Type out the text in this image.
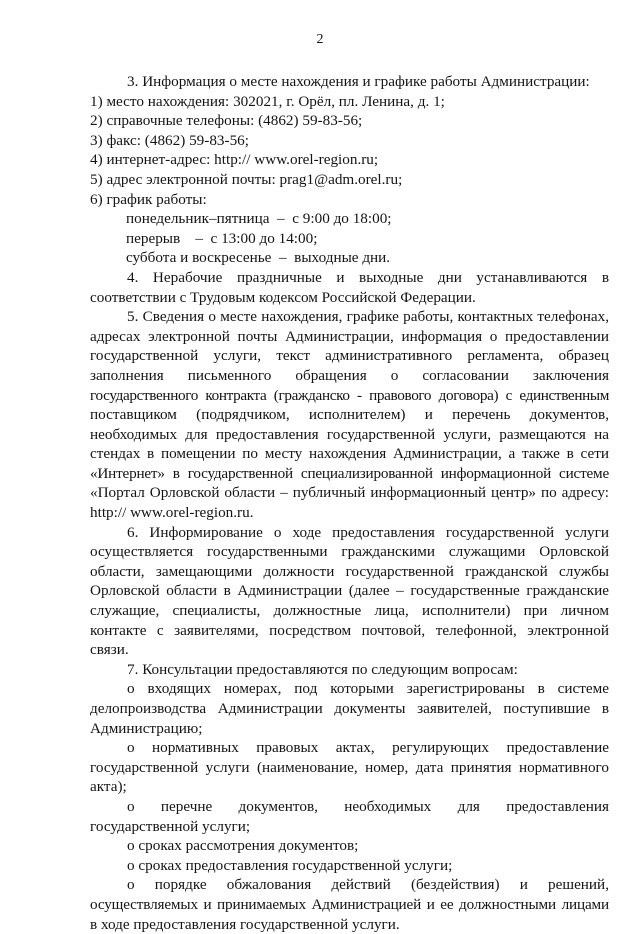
2
3. Информация о месте нахождения и графике работы Администрации:
1) место нахождения: 302021, г. Орёл, пл. Ленина, д. 1;
2) справочные телефоны: (4862) 59-83-56;
3) факс: (4862) 59-83-56;
4) интернет-адрес: http:// www.orel-region.ru;
5) адрес электронной почты: prag1@adm.orel.ru;
6) график работы:
понедельник–пятница  –  с 9:00 до 18:00;
перерыв    –  с 13:00 до 14:00;
суббота и воскресенье  –  выходные дни.
4. Нерабочие праздничные и выходные дни устанавливаются в
соответствии с Трудовым кодексом Российской Федерации.
5. Сведения о месте нахождения, графике работы, контактных телефонах,
адресах электронной почты Администрации, информация о предоставлении
государственной услуги, текст административного регламента, образец
заполнения письменного обращения о согласовании заключения
государственного контракта (гражданско - правового договора) с единственным
поставщиком (подрядчиком, исполнителем) и перечень документов,
необходимых для предоставления государственной услуги, размещаются на
стендах в помещении по месту нахождения Администрации, а также в сети
«Интернет» в государственной специализированной информационной системе
«Портал Орловской области – публичный информационный центр» по адресу:
http:// www.orel-region.ru.
6. Информирование о ходе предоставления государственной услуги
осуществляется государственными гражданскими служащими Орловской
области, замещающими должности государственной гражданской службы
Орловской области в Администрации (далее – государственные гражданские
служащие, специалисты, должностные лица, исполнители) при личном
контакте с заявителями, посредством почтовой, телефонной, электронной
связи.
7. Консультации предоставляются по следующим вопросам:
о входящих номерах, под которыми зарегистрированы в системе
делопроизводства Администрации документы заявителей, поступившие в
Администрацию;
о нормативных правовых актах, регулирующих предоставление
государственной услуги (наименование, номер, дата принятия нормативного
акта);
о перечне документов, необходимых для предоставления
государственной услуги;
о сроках рассмотрения документов;
о сроках предоставления государственной услуги;
о порядке обжалования действий (бездействия) и решений,
осуществляемых и принимаемых Администрацией и ее должностными лицами
в ходе предоставления государственной услуги.
